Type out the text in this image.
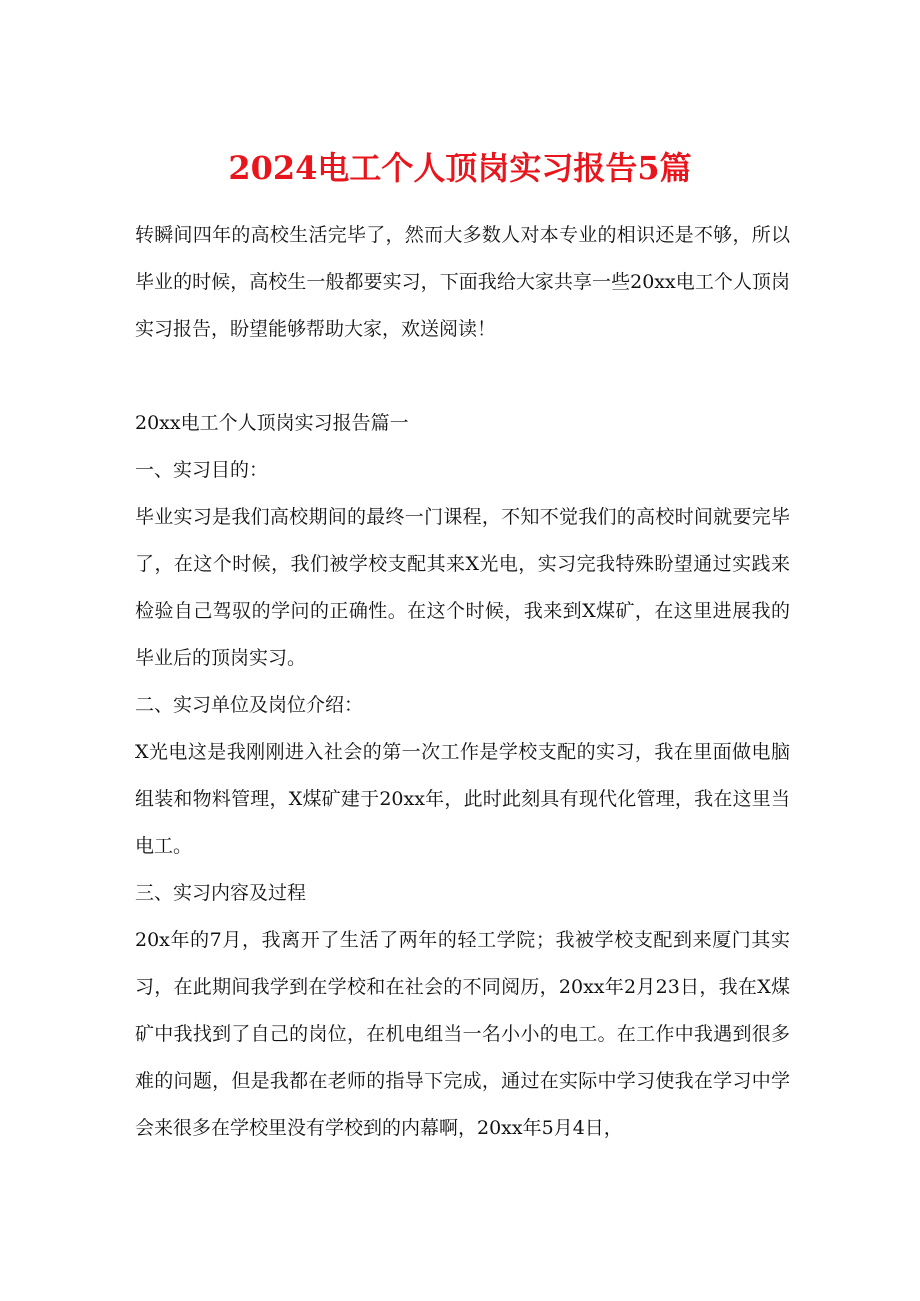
2024电工个人顶岗实习报告5篇

转瞬间四年的高校生活完毕了，然而大多数人对本专业的相识还是不够，所以毕业的时候，高校生一般都要实习，下面我给大家共享一些20xx电工个人顶岗实习报告，盼望能够帮助大家，欢送阅读！

20xx电工个人顶岗实习报告篇一

一、实习目的：

毕业实习是我们高校期间的最终一门课程，不知不觉我们的高校时间就要完毕了，在这个时候，我们被学校支配其来X光电，实习完我特殊盼望通过实践来检验自己驾驭的学问的正确性。在这个时候，我来到X煤矿，在这里进展我的毕业后的顶岗实习。

二、实习单位及岗位介绍：

X光电这是我刚刚进入社会的第一次工作是学校支配的实习，我在里面做电脑组装和物料管理，X煤矿建于20xx年，此时此刻具有现代化管理，我在这里当电工。

三、实习内容及过程

20x年的7月，我离开了生活了两年的轻工学院；我被学校支配到来厦门其实习，在此期间我学到在学校和在社会的不同阅历，20xx年2月23日，我在X煤矿中我找到了自己的岗位，在机电组当一名小小的电工。在工作中我遇到很多难的问题，但是我都在老师的指导下完成，通过在实际中学习使我在学习中学会来很多在学校里没有学校到的内幕啊，20xx年5月4日，
